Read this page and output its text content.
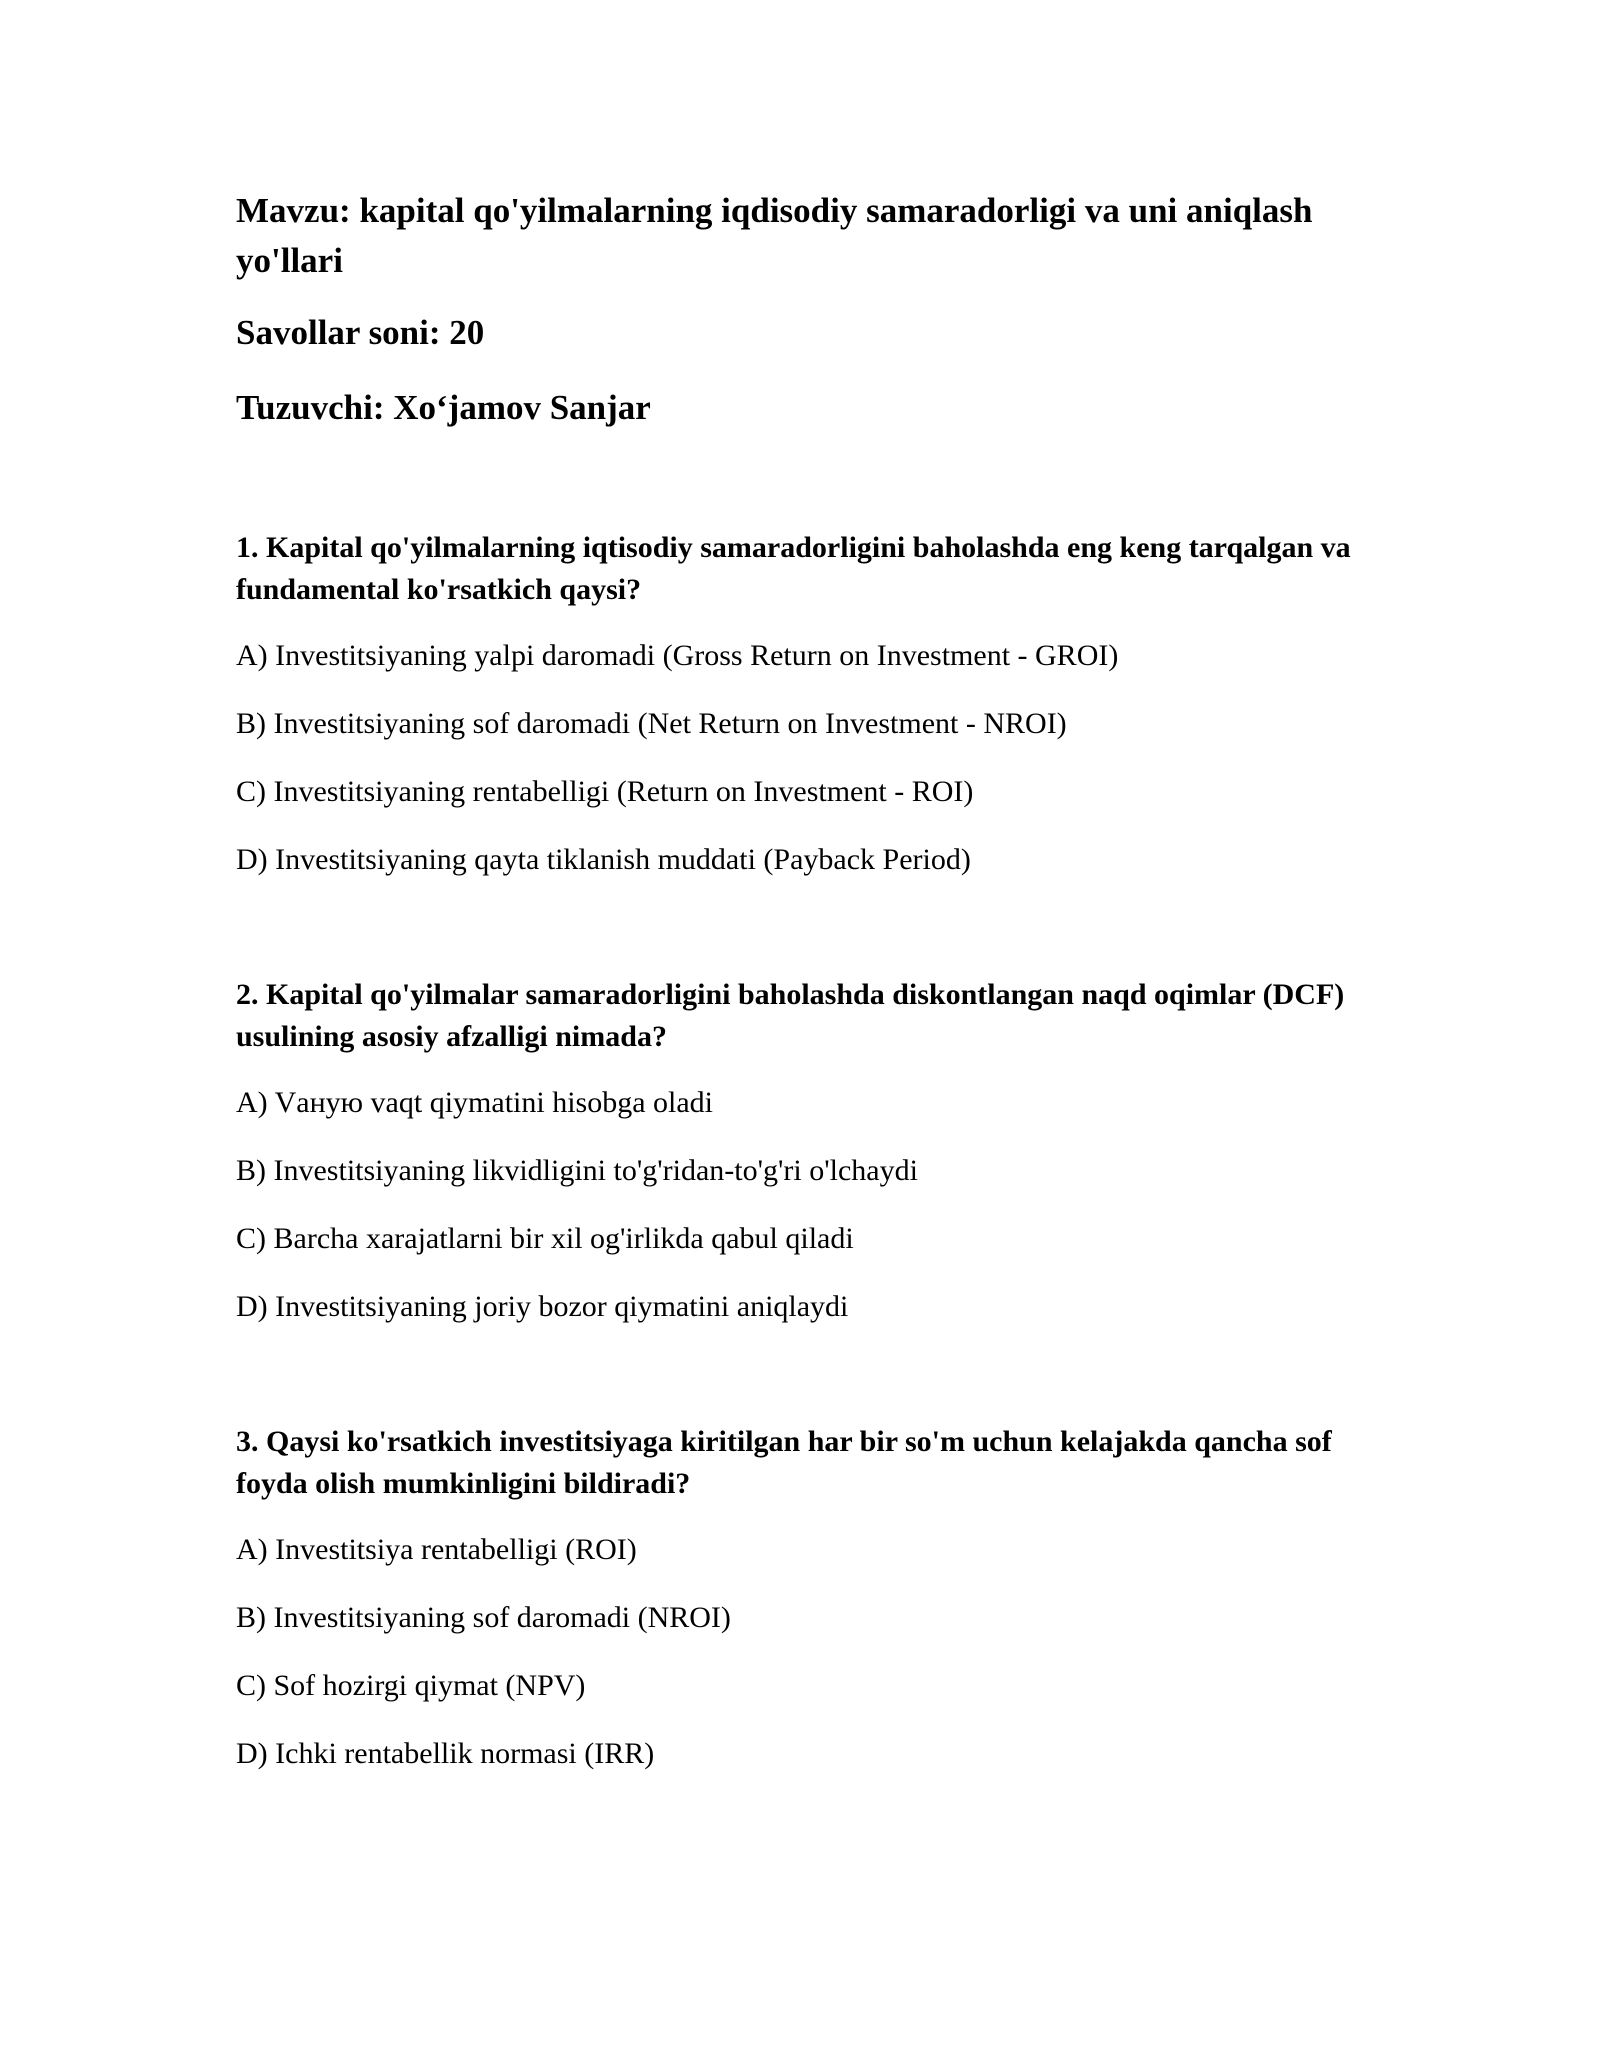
Mavzu: kapital qo'yilmalarning iqdisodiy samaradorligi va uni aniqlash yo'llari

Savollar soni: 20

Tuzuvchi: Xo‘jamov Sanjar

1. Kapital qo'yilmalarning iqtisodiy samaradorligini baholashda eng keng tarqalgan va fundamental ko'rsatkich qaysi?

A) Investitsiyaning yalpi daromadi (Gross Return on Investment - GROI)

B) Investitsiyaning sof daromadi (Net Return on Investment - NROI)

C) Investitsiyaning rentabelligi (Return on Investment - ROI)

D) Investitsiyaning qayta tiklanish muddati (Payback Period)

2. Kapital qo'yilmalar samaradorligini baholashda diskontlangan naqd oqimlar (DCF) usulining asosiy afzalligi nimada?

A) Vаную vaqt qiymatini hisobga oladi

B) Investitsiyaning likvidligini to'g'ridan-to'g'ri o'lchaydi

C) Barcha xarajatlarni bir xil og'irlikda qabul qiladi

D) Investitsiyaning joriy bozor qiymatini aniqlaydi

3. Qaysi ko'rsatkich investitsiyaga kiritilgan har bir so'm uchun kelajakda qancha sof foyda olish mumkinligini bildiradi?

A) Investitsiya rentabelligi (ROI)

B) Investitsiyaning sof daromadi (NROI)

C) Sof hozirgi qiymat (NPV)

D) Ichki rentabellik normasi (IRR)
